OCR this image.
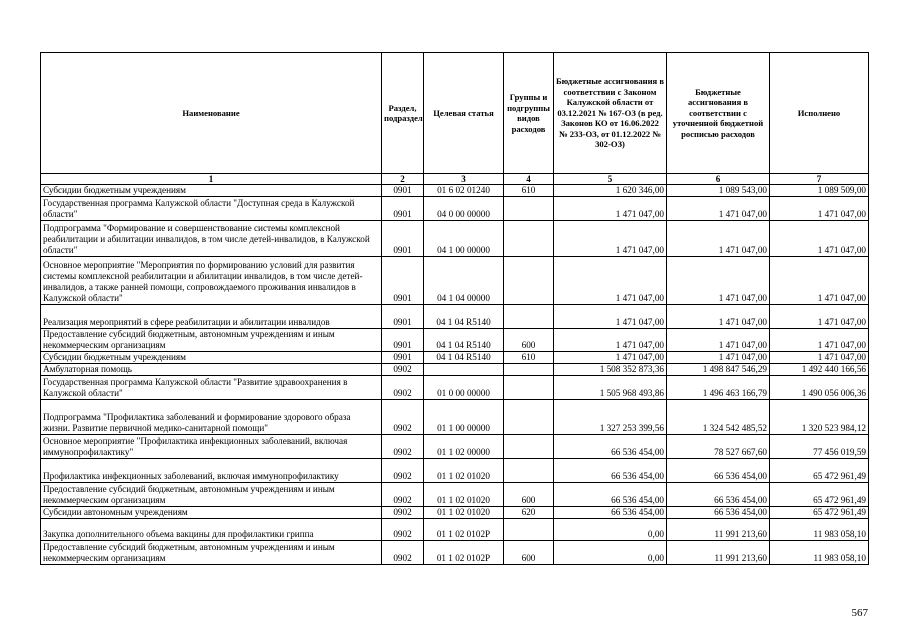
Наименование	Раздел, подраздел	Целевая статья	Группы и подгруппы видов расходов	Бюджетные ассигнования в соответствии с Законом Калужской области от 03.12.2021 № 167-ОЗ (в ред. Законов КО от 16.06.2022 № 233-ОЗ, от 01.12.2022 № 302-ОЗ)	Бюджетные ассигнования в соответствии с уточненной бюджетной росписью расходов	Исполнено
1	2	3	4	5	6	7
Субсидии бюджетным учреждениям	0901	01 6 02 01240	610	1 620 346,00	1 089 543,00	1 089 509,00
Государственная программа Калужской области "Доступная среда в Калужской области"	0901	04 0 00 00000		1 471 047,00	1 471 047,00	1 471 047,00
Подпрограмма "Формирование и совершенствование системы комплексной реабилитации и абилитации инвалидов, в том числе детей-инвалидов, в Калужской области"	0901	04 1 00 00000		1 471 047,00	1 471 047,00	1 471 047,00
Основное мероприятие "Мероприятия по формированию условий для развития системы комплексной реабилитации и абилитации инвалидов, в том числе детей-инвалидов, а также ранней помощи, сопровождаемого проживания инвалидов в Калужской области"	0901	04 1 04 00000		1 471 047,00	1 471 047,00	1 471 047,00
Реализация мероприятий в сфере реабилитации и абилитации инвалидов	0901	04 1 04 R5140		1 471 047,00	1 471 047,00	1 471 047,00
Предоставление субсидий бюджетным, автономным учреждениям и иным некоммерческим организациям	0901	04 1 04 R5140	600	1 471 047,00	1 471 047,00	1 471 047,00
Субсидии бюджетным учреждениям	0901	04 1 04 R5140	610	1 471 047,00	1 471 047,00	1 471 047,00
Амбулаторная помощь	0902			1 508 352 873,36	1 498 847 546,29	1 492 440 166,56
Государственная программа Калужской области "Развитие здравоохранения в Калужской области"	0902	01 0 00 00000		1 505 968 493,86	1 496 463 166,79	1 490 056 006,36
Подпрограмма "Профилактика заболеваний и формирование здорового образа жизни. Развитие первичной медико-санитарной помощи"	0902	01 1 00 00000		1 327 253 399,56	1 324 542 485,52	1 320 523 984,12
Основное мероприятие "Профилактика инфекционных заболеваний, включая иммунопрофилактику"	0902	01 1 02 00000		66 536 454,00	78 527 667,60	77 456 019,59
Профилактика инфекционных заболеваний, включая иммунопрофилактику	0902	01 1 02 01020		66 536 454,00	66 536 454,00	65 472 961,49
Предоставление субсидий бюджетным, автономным учреждениям и иным некоммерческим организациям	0902	01 1 02 01020	600	66 536 454,00	66 536 454,00	65 472 961,49
Субсидии автономным учреждениям	0902	01 1 02 01020	620	66 536 454,00	66 536 454,00	65 472 961,49
Закупка дополнительного объема вакцины для профилактики гриппа	0902	01 1 02 0102P		0,00	11 991 213,60	11 983 058,10
Предоставление субсидий бюджетным, автономным учреждениям и иным некоммерческим организациям	0902	01 1 02 0102P	600	0,00	11 991 213,60	11 983 058,10
567
